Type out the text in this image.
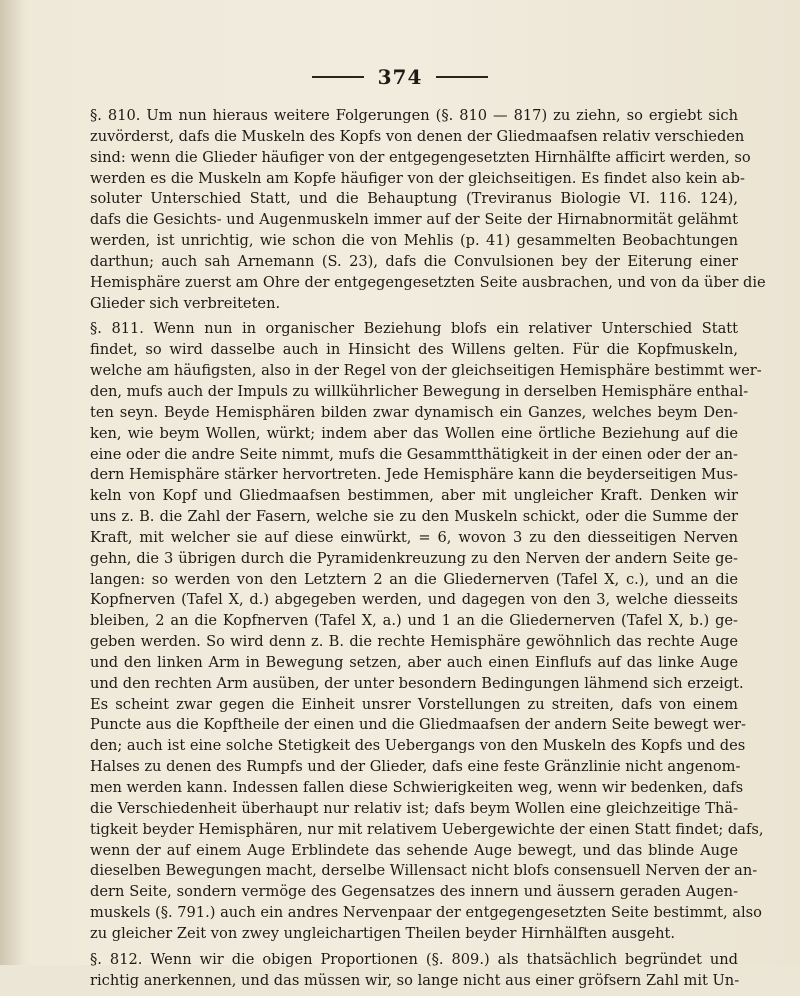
374
§. 810. Um nun hieraus weitere Folgerungen (§. 810 — 817) zu ziehn, so ergiebt sich
zuvörderst, dafs die Muskeln des Kopfs von denen der Gliedmaafsen relativ verschieden
sind: wenn die Glieder häufiger von der entgegengesetzten Hirnhälfte afficirt werden, so
werden es die Muskeln am Kopfe häufiger von der gleichseitigen. Es findet also kein ab-
soluter Unterschied Statt, und die Behauptung (Treviranus Biologie VI. 116. 124),
dafs die Gesichts- und Augenmuskeln immer auf der Seite der Hirnabnormität gelähmt
werden, ist unrichtig, wie schon die von Mehlis (p. 41) gesammelten Beobachtungen
darthun; auch sah Arnemann (S. 23), dafs die Convulsionen bey der Eiterung einer
Hemisphäre zuerst am Ohre der entgegengesetzten Seite ausbrachen, und von da über die
Glieder sich verbreiteten.
§. 811. Wenn nun in organischer Beziehung blofs ein relativer Unterschied Statt
findet, so wird dasselbe auch in Hinsicht des Willens gelten. Für die Kopfmuskeln,
welche am häufigsten, also in der Regel von der gleichseitigen Hemisphäre bestimmt wer-
den, mufs auch der Impuls zu willkührlicher Bewegung in derselben Hemisphäre enthal-
ten seyn. Beyde Hemisphären bilden zwar dynamisch ein Ganzes, welches beym Den-
ken, wie beym Wollen, würkt; indem aber das Wollen eine örtliche Beziehung auf die
eine oder die andre Seite nimmt, mufs die Gesammtthätigkeit in der einen oder der an-
dern Hemisphäre stärker hervortreten. Jede Hemisphäre kann die beyderseitigen Mus-
keln von Kopf und Gliedmaafsen bestimmen, aber mit ungleicher Kraft. Denken wir
uns z. B. die Zahl der Fasern, welche sie zu den Muskeln schickt, oder die Summe der
Kraft, mit welcher sie auf diese einwürkt, = 6, wovon 3 zu den diesseitigen Nerven
gehn, die 3 übrigen durch die Pyramidenkreuzung zu den Nerven der andern Seite ge-
langen: so werden von den Letztern 2 an die Gliedernerven (Tafel X, c.), und an die
Kopfnerven (Tafel X, d.) abgegeben werden, und dagegen von den 3, welche diesseits
bleiben, 2 an die Kopfnerven (Tafel X, a.) und 1 an die Gliedernerven (Tafel X, b.) ge-
geben werden. So wird denn z. B. die rechte Hemisphäre gewöhnlich das rechte Auge
und den linken Arm in Bewegung setzen, aber auch einen Einflufs auf das linke Auge
und den rechten Arm ausüben, der unter besondern Bedingungen lähmend sich erzeigt.
Es scheint zwar gegen die Einheit unsrer Vorstellungen zu streiten, dafs von einem
Puncte aus die Kopftheile der einen und die Gliedmaafsen der andern Seite bewegt wer-
den; auch ist eine solche Stetigkeit des Uebergangs von den Muskeln des Kopfs und des
Halses zu denen des Rumpfs und der Glieder, dafs eine feste Gränzlinie nicht angenom-
men werden kann. Indessen fallen diese Schwierigkeiten weg, wenn wir bedenken, dafs
die Verschiedenheit überhaupt nur relativ ist; dafs beym Wollen eine gleichzeitige Thä-
tigkeit beyder Hemisphären, nur mit relativem Uebergewichte der einen Statt findet; dafs,
wenn der auf einem Auge Erblindete das sehende Auge bewegt, und das blinde Auge
dieselben Bewegungen macht, derselbe Willensact nicht blofs consensuell Nerven der an-
dern Seite, sondern vermöge des Gegensatzes des innern und äussern geraden Augen-
muskels (§. 791.) auch ein andres Nervenpaar der entgegengesetzten Seite bestimmt, also
zu gleicher Zeit von zwey ungleichartigen Theilen beyder Hirnhälften ausgeht.
§. 812. Wenn wir die obigen Proportionen (§. 809.) als thatsächlich begründet und
richtig anerkennen, und das müssen wir, so lange nicht aus einer gröfsern Zahl mit Un-
